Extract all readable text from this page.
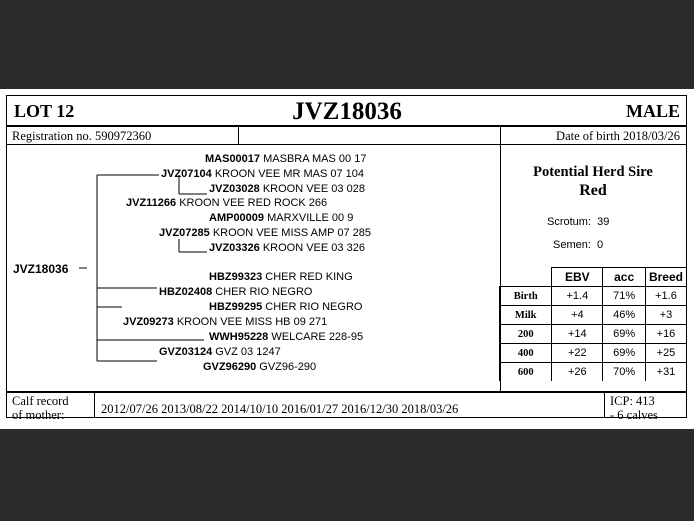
LOT 12	JVZ18036	MALE
Registration no. 590972360	Date of birth 2018/03/26
JVZ18036
MAS00017 MASBRA MAS 00 17
JVZ07104 KROON VEE MR MAS 07 104
JVZ03028 KROON VEE 03 028
JVZ11266 KROON VEE RED ROCK 266
AMP00009 MARXVILLE 00 9
JVZ07285 KROON VEE MISS AMP 07 285
JVZ03326 KROON VEE 03 326
HBZ99323 CHER RED KING
HBZ02408 CHER RIO NEGRO
HBZ99295 CHER RIO NEGRO
JVZ09273 KROON VEE MISS HB 09 271
WWH95228 WELCARE 228-95
GVZ03124 GVZ 03 1247
GVZ96290 GVZ96-290
Potential Herd Sire
Red
Scrotum: 39
Semen: 0
	EBV	acc	Breed
Birth	+1.4	71%	+1.6
Milk	+4	46%	+3
200	+14	69%	+16
400	+22	69%	+25
600	+26	70%	+31
Calf record
of mother:	2012/07/26 2013/08/22 2014/10/10 2016/01/27 2016/12/30 2018/03/26
ICP: 413
- 6 calves
